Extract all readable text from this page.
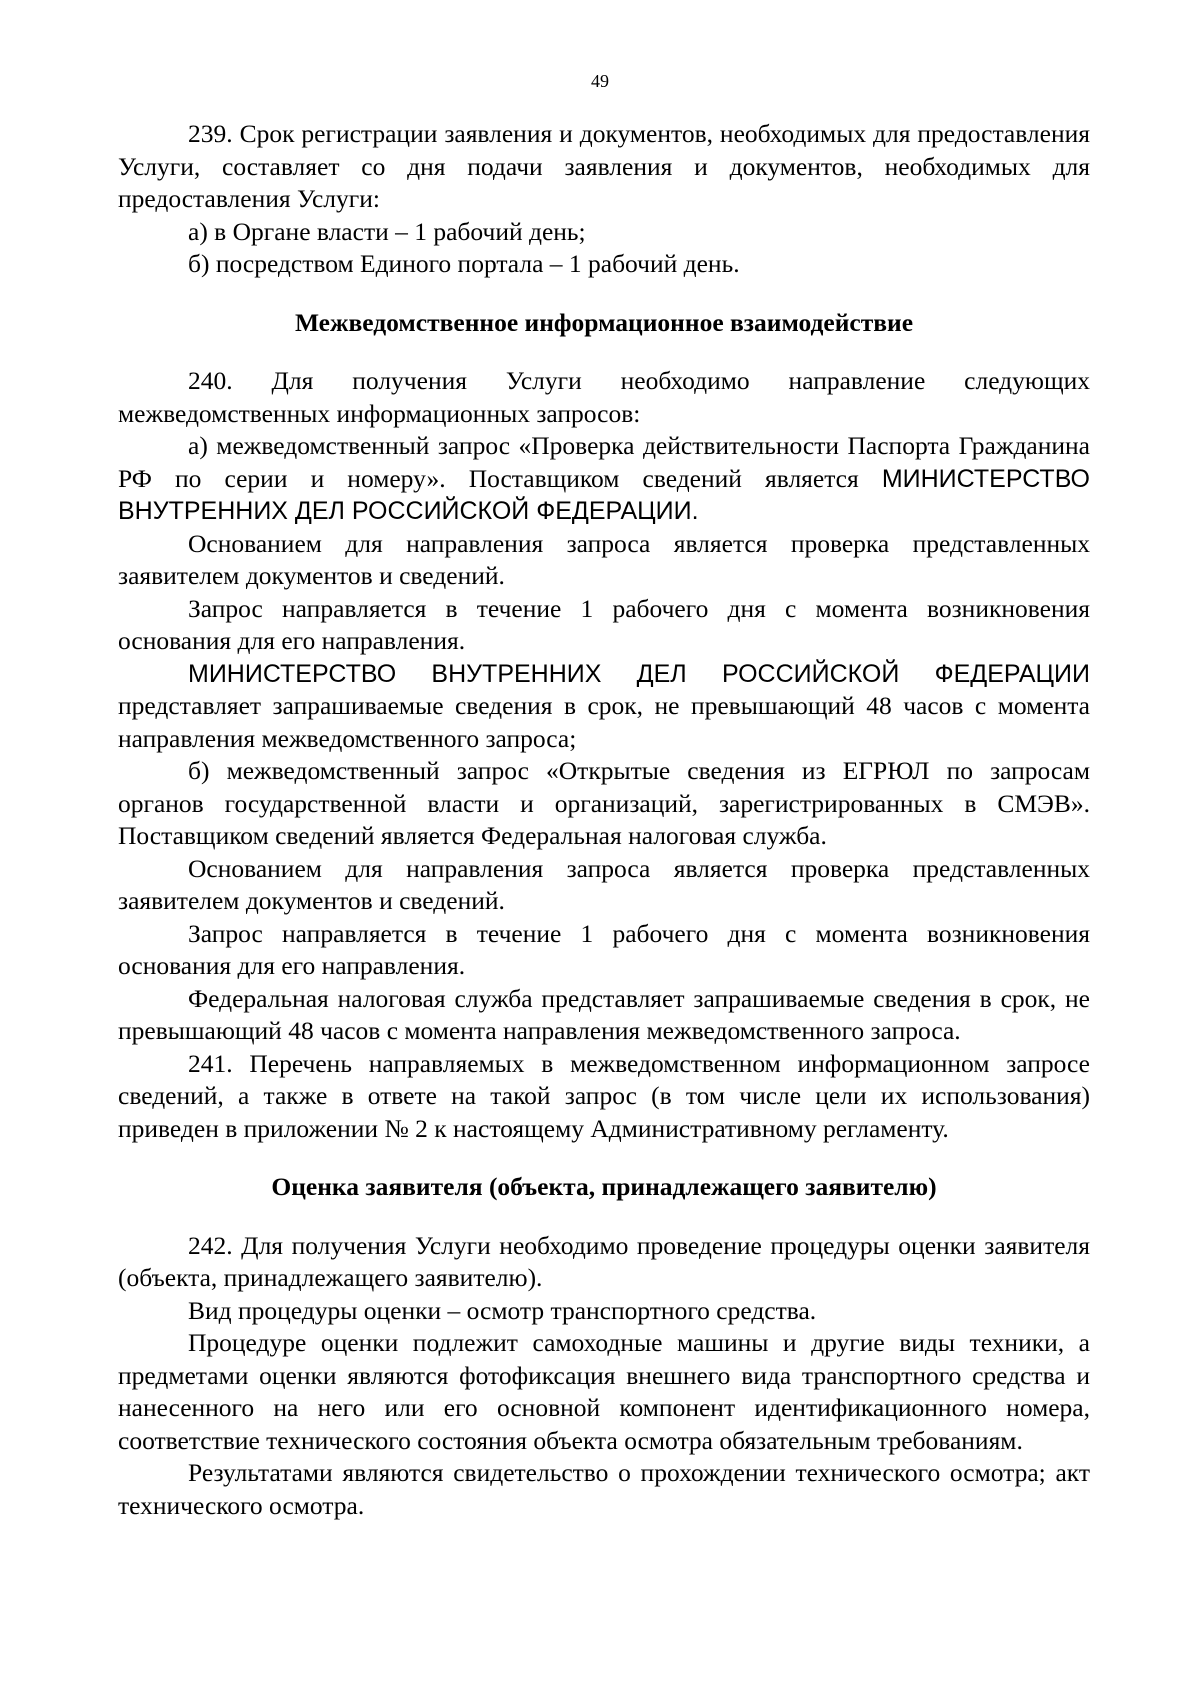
49

239. Срок регистрации заявления и документов, необходимых для предоставления Услуги, составляет со дня подачи заявления и документов, необходимых для предоставления Услуги:

а) в Органе власти – 1 рабочий день;

б) посредством Единого портала – 1 рабочий день.

Межведомственное информационное взаимодействие

240. Для получения Услуги необходимо направление следующих межведомственных информационных запросов:

а) межведомственный запрос «Проверка действительности Паспорта Гражданина РФ по серии и номеру». Поставщиком сведений является МИНИСТЕРСТВО ВНУТРЕННИХ ДЕЛ РОССИЙСКОЙ ФЕДЕРАЦИИ.

Основанием для направления запроса является проверка представленных заявителем документов и сведений.

Запрос направляется в течение 1 рабочего дня с момента возникновения основания для его направления.

МИНИСТЕРСТВО ВНУТРЕННИХ ДЕЛ РОССИЙСКОЙ ФЕДЕРАЦИИ представляет запрашиваемые сведения в срок, не превышающий 48 часов с момента направления межведомственного запроса;

б) межведомственный запрос «Открытые сведения из ЕГРЮЛ по запросам органов государственной власти и организаций, зарегистрированных в СМЭВ». Поставщиком сведений является Федеральная налоговая служба.

Основанием для направления запроса является проверка представленных заявителем документов и сведений.

Запрос направляется в течение 1 рабочего дня с момента возникновения основания для его направления.

Федеральная налоговая служба представляет запрашиваемые сведения в срок, не превышающий 48 часов с момента направления межведомственного запроса.

241. Перечень направляемых в межведомственном информационном запросе сведений, а также в ответе на такой запрос (в том числе цели их использования) приведен в приложении № 2 к настоящему Административному регламенту.

Оценка заявителя (объекта, принадлежащего заявителю)

242. Для получения Услуги необходимо проведение процедуры оценки заявителя (объекта, принадлежащего заявителю).

Вид процедуры оценки – осмотр транспортного средства.

Процедуре оценки подлежит самоходные машины и другие виды техники, а предметами оценки являются фотофиксация внешнего вида транспортного средства и нанесенного на него или его основной компонент идентификационного номера, соответствие технического состояния объекта осмотра обязательным требованиям.

Результатами являются свидетельство о прохождении технического осмотра; акт технического осмотра.
